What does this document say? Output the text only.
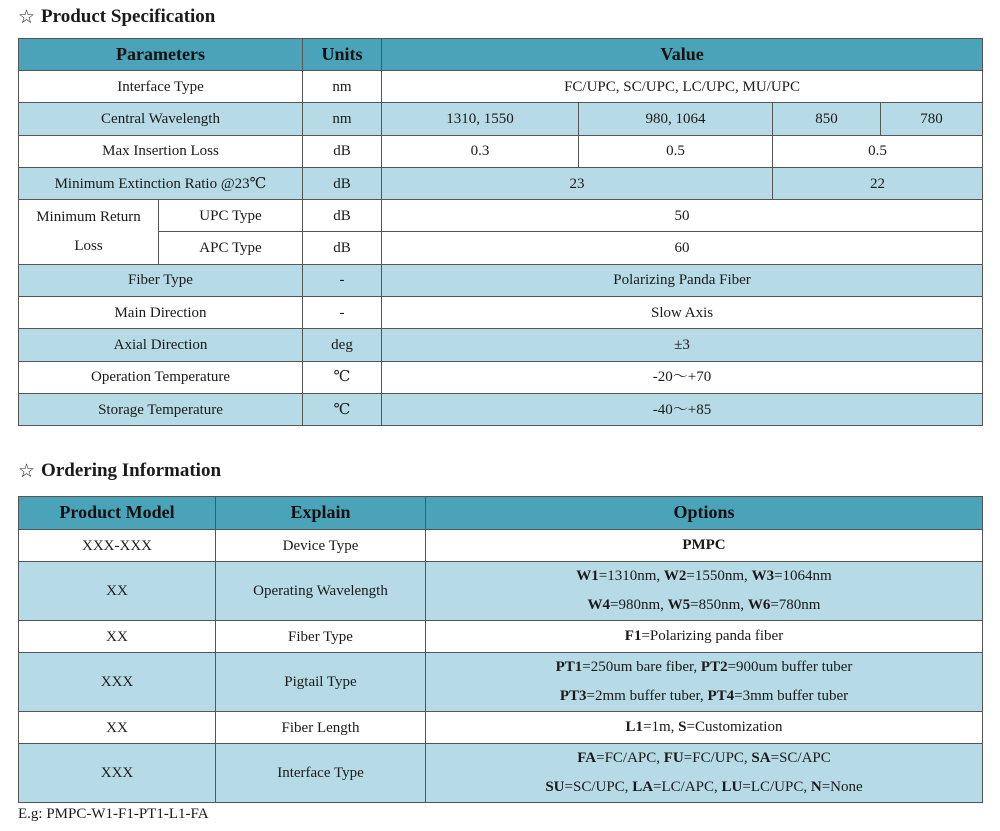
☆ Product Specification
Parameters		Units	Value			
Interface Type		nm	FC/UPC, SC/UPC, LC/UPC, MU/UPC			
Central Wavelength		nm	1310, 1550	980, 1064	850	780
Max Insertion Loss		dB	0.3	0.5	0.5	
Minimum Extinction Ratio @23℃		dB	23		22	
Minimum Return
Loss	UPC Type	dB	50			
	APC Type	dB	60			
Fiber Type		-	Polarizing Panda Fiber			
Main Direction		-	Slow Axis			
Axial Direction		deg	±3			
Operation Temperature		℃	-20～+70			
Storage Temperature		℃	-40～+85			
☆ Ordering Information
Product Model	Explain	Options
XXX-XXX	Device Type	PMPC
XX	Operating Wavelength	W1=1310nm, W2=1550nm, W3=1064nm
W4=980nm, W5=850nm, W6=780nm
XX	Fiber Type	F1=Polarizing panda fiber
XXX	Pigtail Type	PT1=250um bare fiber, PT2=900um buffer tuber
PT3=2mm buffer tuber, PT4=3mm buffer tuber
XX	Fiber Length	L1=1m, S=Customization
XXX	Interface Type	FA=FC/APC, FU=FC/UPC, SA=SC/APC
SU=SC/UPC, LA=LC/APC, LU=LC/UPC, N=None
E.g: PMPC-W1-F1-PT1-L1-FA
